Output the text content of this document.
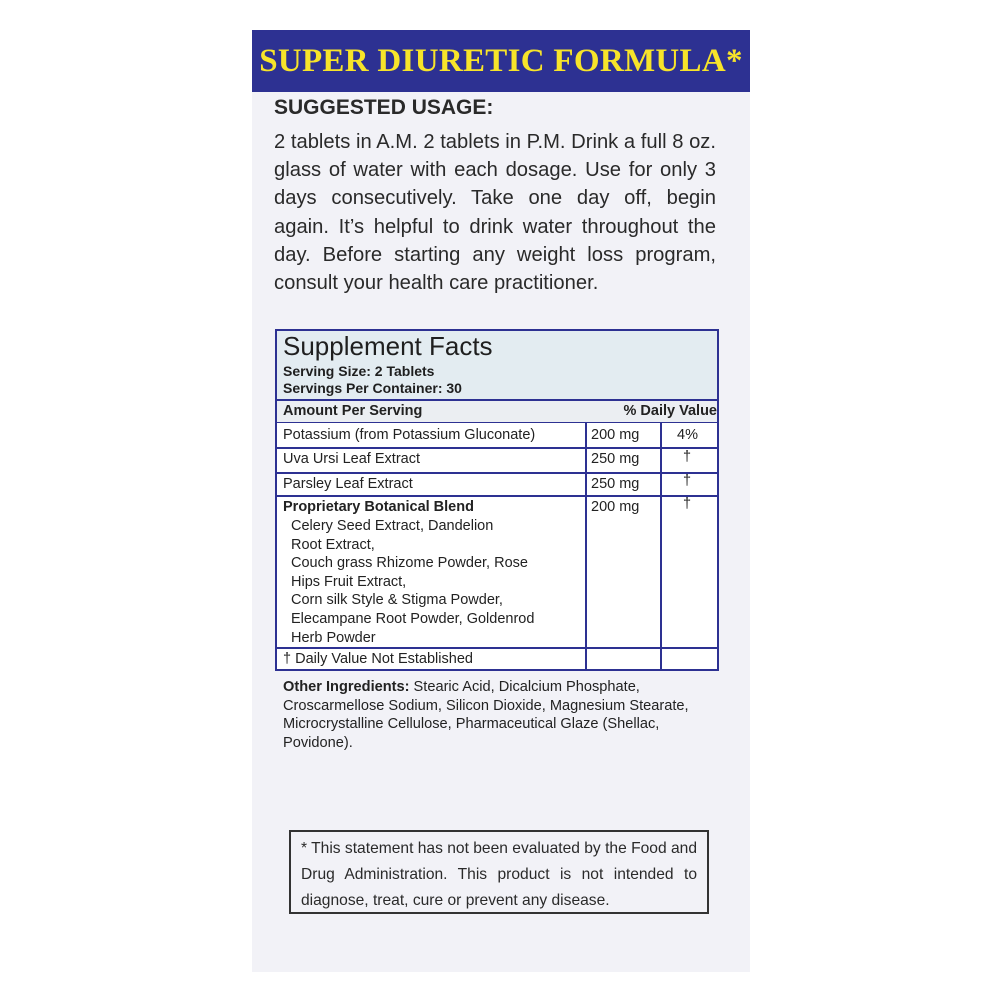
SUPER DIURETIC FORMULA*
SUGGESTED USAGE:
2 tablets in A.M. 2 tablets in P.M. Drink a full 8 oz. glass of water with each dosage. Use for only 3 days consecutively. Take one day off, begin again. It’s helpful to drink water throughout the day. Before starting any weight loss program, consult your health care practitioner.
Supplement Facts
Serving Size: 2 Tablets
Servings Per Container: 30
Amount Per Serving	% Daily Value
Potassium (from Potassium Gluconate)	200 mg	4%
Uva Ursi Leaf Extract	250 mg	†
Parsley Leaf Extract	250 mg	†
Proprietary Botanical Blend	200 mg	†
Celery Seed Extract, Dandelion
Root Extract,
Couch grass Rhizome Powder, Rose
Hips Fruit Extract,
Corn silk Style & Stigma Powder,
Elecampane Root Powder, Goldenrod
Herb Powder
† Daily Value Not Established
Other Ingredients: Stearic Acid, Dicalcium Phosphate, Croscarmellose Sodium, Silicon Dioxide, Magnesium Stearate, Microcrystalline Cellulose, Pharmaceutical Glaze (Shellac, Povidone).
* This statement has not been evaluated by the Food and Drug Administration. This product is not intended to diagnose, treat, cure or prevent any disease.
